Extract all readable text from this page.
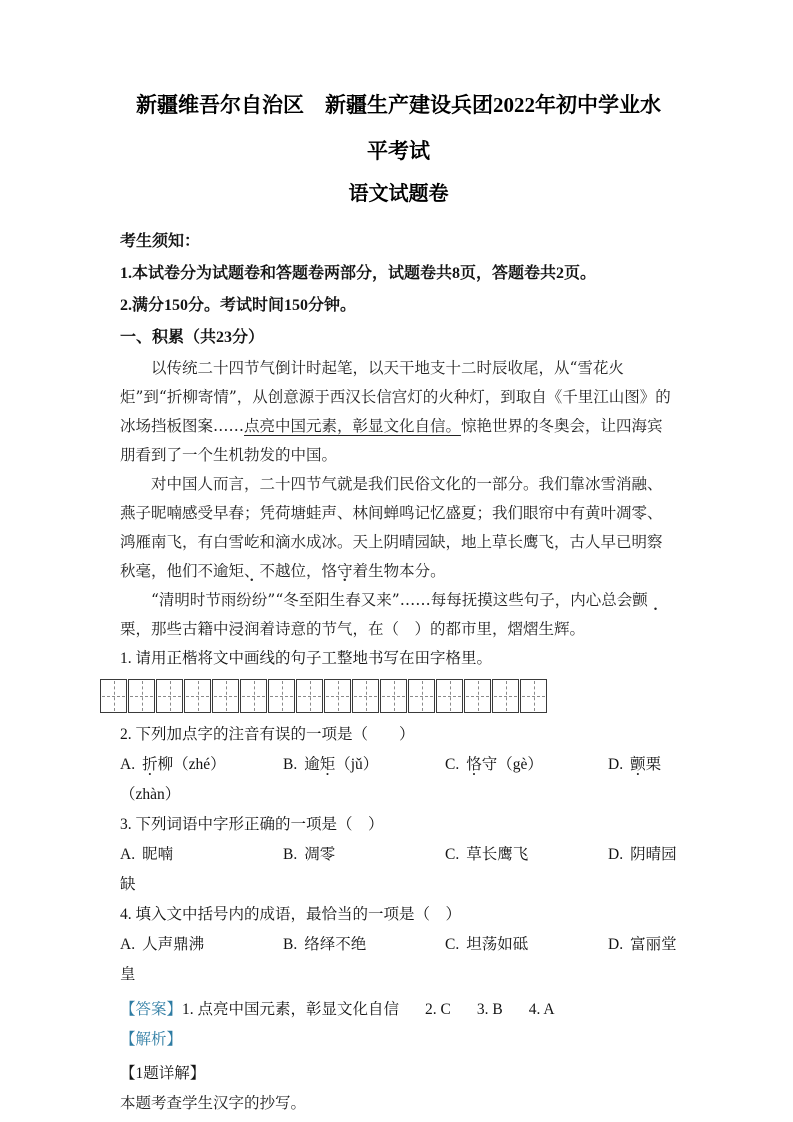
新疆维吾尔自治区　新疆生产建设兵团2022年初中学业水
平考试
语文试题卷
考生须知：
1.本试卷分为试题卷和答题卷两部分，试题卷共8页，答题卷共2页。
2.满分150分。考试时间150分钟。
一、积累（共23分）

以传统二十四节气倒计时起笔，以天干地支十二时辰收尾，从“雪花火炬”到“折柳寄情”，从创意源于西汉长信宫灯的火种灯，到取自《千里江山图》的冰场挡板图案……点亮中国元素，彰显文化自信。惊艳世界的冬奥会，让四海宾朋看到了一个生机勃发的中国。

对中国人而言，二十四节气就是我们民俗文化的一部分。我们靠冰雪消融、燕子昵喃感受早春；凭荷塘蛙声、林间蝉鸣记忆盛夏；我们眼帘中有黄叶凋零、鸿雁南飞，有白雪屹和滴水成冰。天上阴晴园缺，地上草长鹰飞，古人早已明察秋毫，他们不逾矩、不越位，恪守着生物本分。

“清明时节雨纷纷”“冬至阳生春又来”……每每抚摸这些句子，内心总会颤栗，那些古籍中浸润着诗意的节气，在（　）的都市里，熠熠生辉。

1. 请用正楷将文中画线的句子工整地书写在田字格里。

2. 下列加点字的注音有误的一项是（　　）

A. 折柳（zhé）	B. 逾矩（jǔ）	C. 恪守（gè）	D. 颤栗
（zhàn）

3. 下列词语中字形正确的一项是（　）

A. 昵喃	B. 凋零	C. 草长鹰飞	D. 阴晴园
缺

4. 填入文中括号内的成语，最恰当的一项是（　）

A. 人声鼎沸	B. 络绎不绝	C. 坦荡如砥	D. 富丽堂
皇
【答案】 1. 点亮中国元素，彰显文化自信 2. C 3. B 4. A
【解析】
【1题详解】
本题考查学生汉字的抄写。
